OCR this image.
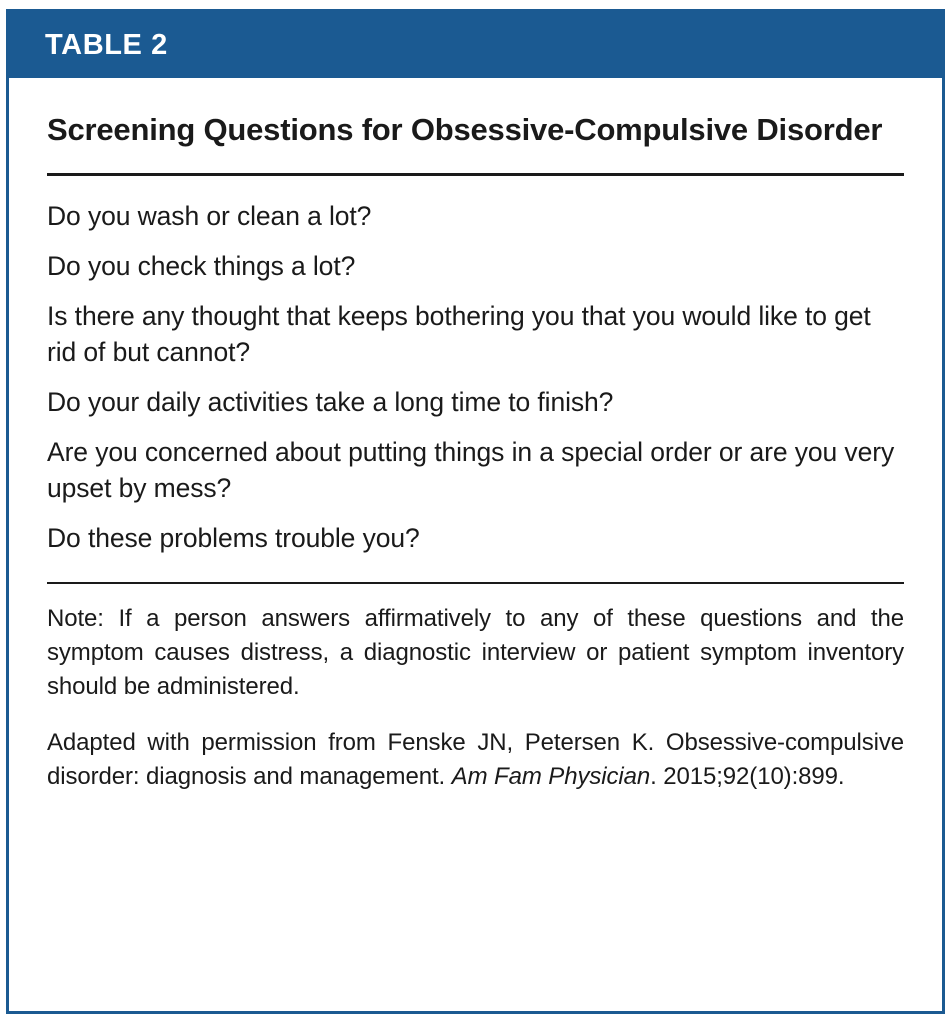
TABLE 2
Screening Questions for Obsessive-Compulsive Disorder
Do you wash or clean a lot?
Do you check things a lot?
Is there any thought that keeps bothering you that you would like to get rid of but cannot?
Do your daily activities take a long time to finish?
Are you concerned about putting things in a special order or are you very upset by mess?
Do these problems trouble you?

Note: If a person answers affirmatively to any of these questions and the symptom causes distress, a diagnostic interview or patient symptom inventory should be administered.

Adapted with permission from Fenske JN, Petersen K. Obsessive-compulsive disorder: diagnosis and management. Am Fam Physician. 2015;92(10):899.
